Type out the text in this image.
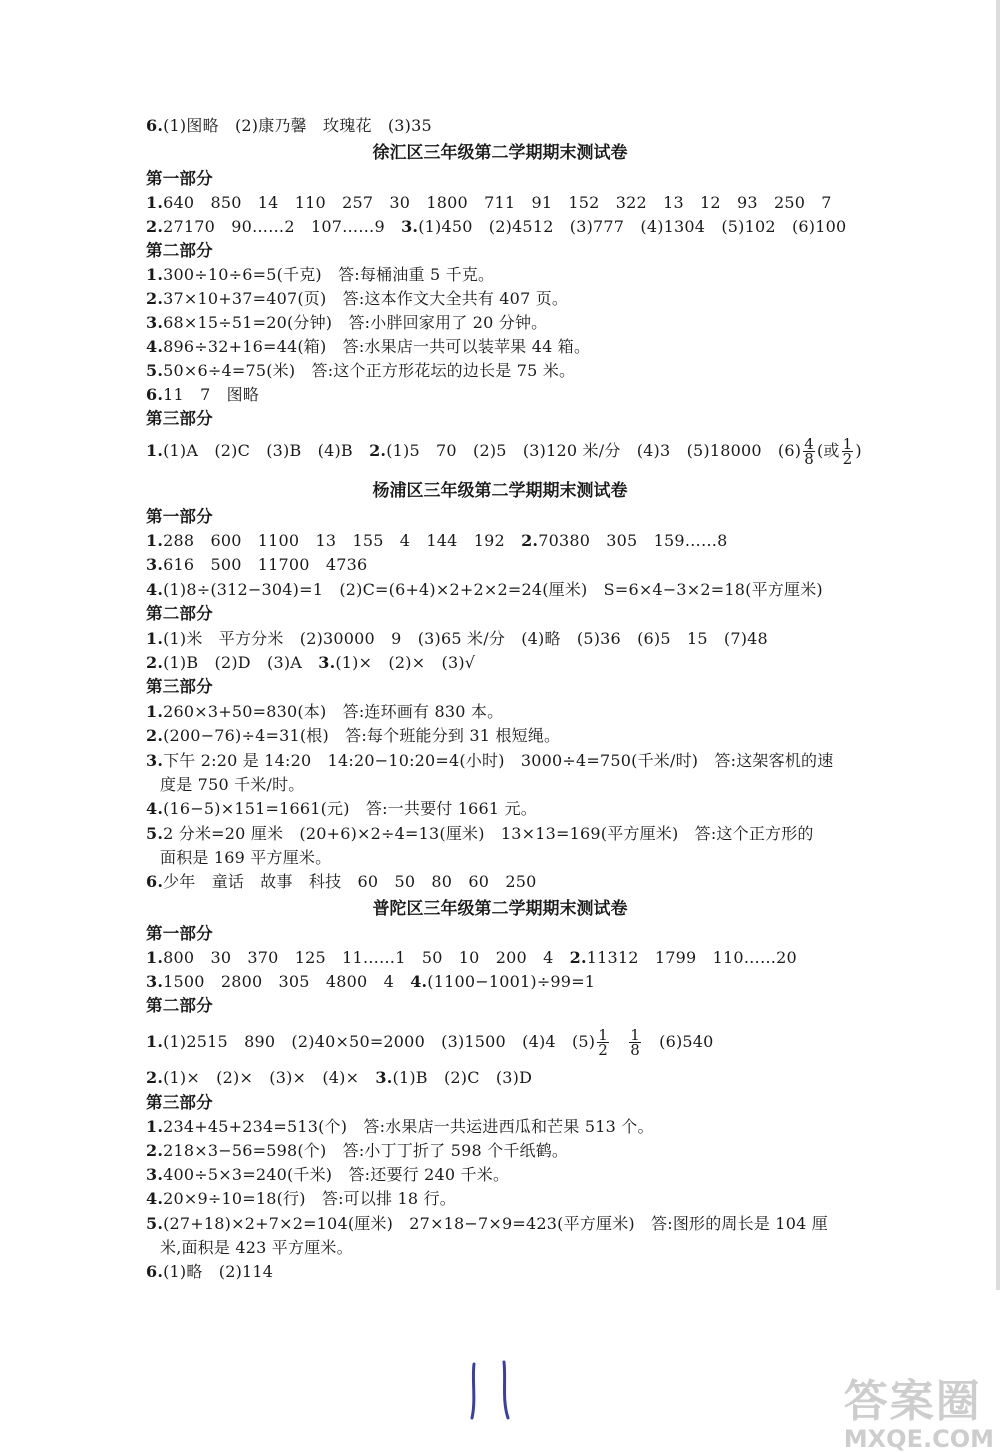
6.(1)图略　(2)康乃馨　玫瑰花　(3)35
徐汇区三年级第二学期期末测试卷
第一部分
1.640　850　14　110　257　30　1800　711　91　152　322　13　12　93　250　7
2.27170　90……2　107……9　3.(1)450　(2)4512　(3)777　(4)1304　(5)102　(6)100
第二部分
1.300÷10÷6=5(千克)　答:每桶油重 5 千克。
2.37×10+37=407(页)　答:这本作文大全共有 407 页。
3.68×15÷51=20(分钟)　答:小胖回家用了 20 分钟。
4.896÷32+16=44(箱)　答:水果店一共可以装苹果 44 箱。
5.50×6÷4=75(米)　答:这个正方形花坛的边长是 75 米。
6.11　7　图略
第三部分
1.(1)A　(2)C　(3)B　(4)B　2.(1)5　70　(2)5　(3)120 米/分　(4)3　(5)18000　$(6) \frac{4}{8}$ (或 $\frac{1}{2}$ )
杨浦区三年级第二学期期末测试卷
第一部分
1.288　600　1100　13　155　4　144　192　2.70380　305　159……8
3.616　500　11700　4736
4.(1)8÷(312−304)=1　(2)C=(6+4)×2+2×2=24(厘米)　S=6×4−3×2=18(平方厘米)
第二部分
1.(1)米　平方分米　(2)30000　9　(3)65 米/分　(4)略　(5)36　(6)5　15　(7)48
2.(1)B　(2)D　(3)A　3.(1)×　(2)×　(3)√
第三部分
1.260×3+50=830(本)　答:连环画有 830 本。
2.(200−76)÷4=31(根)　答:每个班能分到 31 根短绳。
3.下午 2:20 是 14:20　14:20−10:20=4(小时)　3000÷4=750(千米/时)　答:这架客机的速
度是 750 千米/时。
4.(16−5)×151=1661(元)　答:一共要付 1661 元。
5.2 分米=20 厘米　(20+6)×2÷4=13(厘米)　13×13=169(平方厘米)　答:这个正方形的
面积是 169 平方厘米。
6.少年　童话　故事　科技　60　50　80　60　250
普陀区三年级第二学期期末测试卷
第一部分
1.800　30　370　125　11……1　50　10　200　4　2.11312　1799　110……20
3.1500　2800　305　4800　4　4.(1100−1001)÷99=1
第二部分
1.(1)2515　890　(2)40×50=2000　(3)1500　(4)4　$(5) \frac{1}{2}$
　 $\frac{1}{8}$
　 (6)540
2.(1)×　(2)×　(3)×　(4)×　3.(1)B　(2)C　(3)D
第三部分
1.234+45+234=513(个)　答:水果店一共运进西瓜和芒果 513 个。
2.218×3−56=598(个)　答:小丁丁折了 598 个千纸鹤。
3.400÷5×3=240(千米)　答:还要行 240 千米。
4.20×9÷10=18(行)　答:可以排 18 行。
5.(27+18)×2+7×2=104(厘米)　27×18−7×9=423(平方厘米)　答:图形的周长是 104 厘
米,面积是 423 平方厘米。
6.(1)略　(2)114
答案圈
MXQE.COM
